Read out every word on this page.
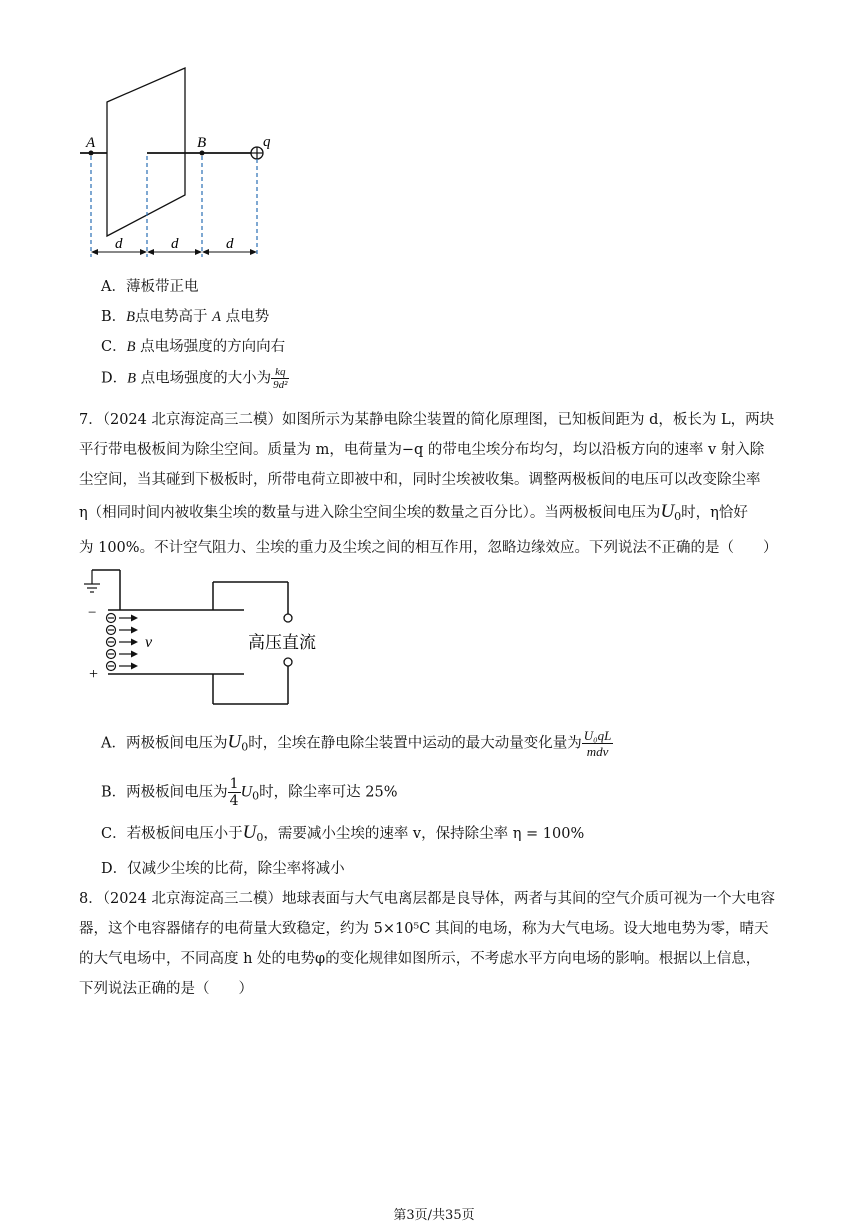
A	B	q
d	d	d
A．薄板带正电
B．B点电势高于 A 点电势
C．B 点电场强度的方向向右
D．B 点电场强度的大小为 $\frac{kq}{\text{9d²}}$
7．（2024 北京海淀高三二模）如图所示为某静电除尘装置的简化原理图，已知板间距为 d，板长为 L，两块
平行带电极板间为除尘空间。质量为 m，电荷量为−q 的带电尘埃分布均匀，均以沿板方向的速率 v 射入除
尘空间，当其碰到下极板时，所带电荷立即被中和，同时尘埃被收集。调整两极板间的电压可以改变除尘率
η（相同时间内被收集尘埃的数量与进入除尘空间尘埃的数量之百分比）。当两极板间电压为$U_0$时，η恰好
为 100%。不计空气阻力、尘埃的重力及尘埃之间的相互作用，忽略边缘效应。下列说法不正确的是（　　）
−
+
v	高压直流
A．两极板间电压为$U_0$时，尘埃在静电除尘装置中运动的最大动量变化量为 $\frac{\text{U₀qL}}{\text{mdv}}$
B．两极板间电压为 $\frac{1}{4} U_0$时，除尘率可达 25%
C．若极板间电压小于$U_0$，需要减小尘埃的速率 v，保持除尘率 η = 100%
D．仅减少尘埃的比荷，除尘率将减小
8．（2024 北京海淀高三二模）地球表面与大气电离层都是良导体，两者与其间的空气介质可视为一个大电容
器，这个电容器储存的电荷量大致稳定，约为 5×10⁵C 其间的电场，称为大气电场。设大地电势为零，晴天
的大气电场中，不同高度 h 处的电势φ的变化规律如图所示，不考虑水平方向电场的影响。根据以上信息，
下列说法正确的是（　　）
第3页/共35页
